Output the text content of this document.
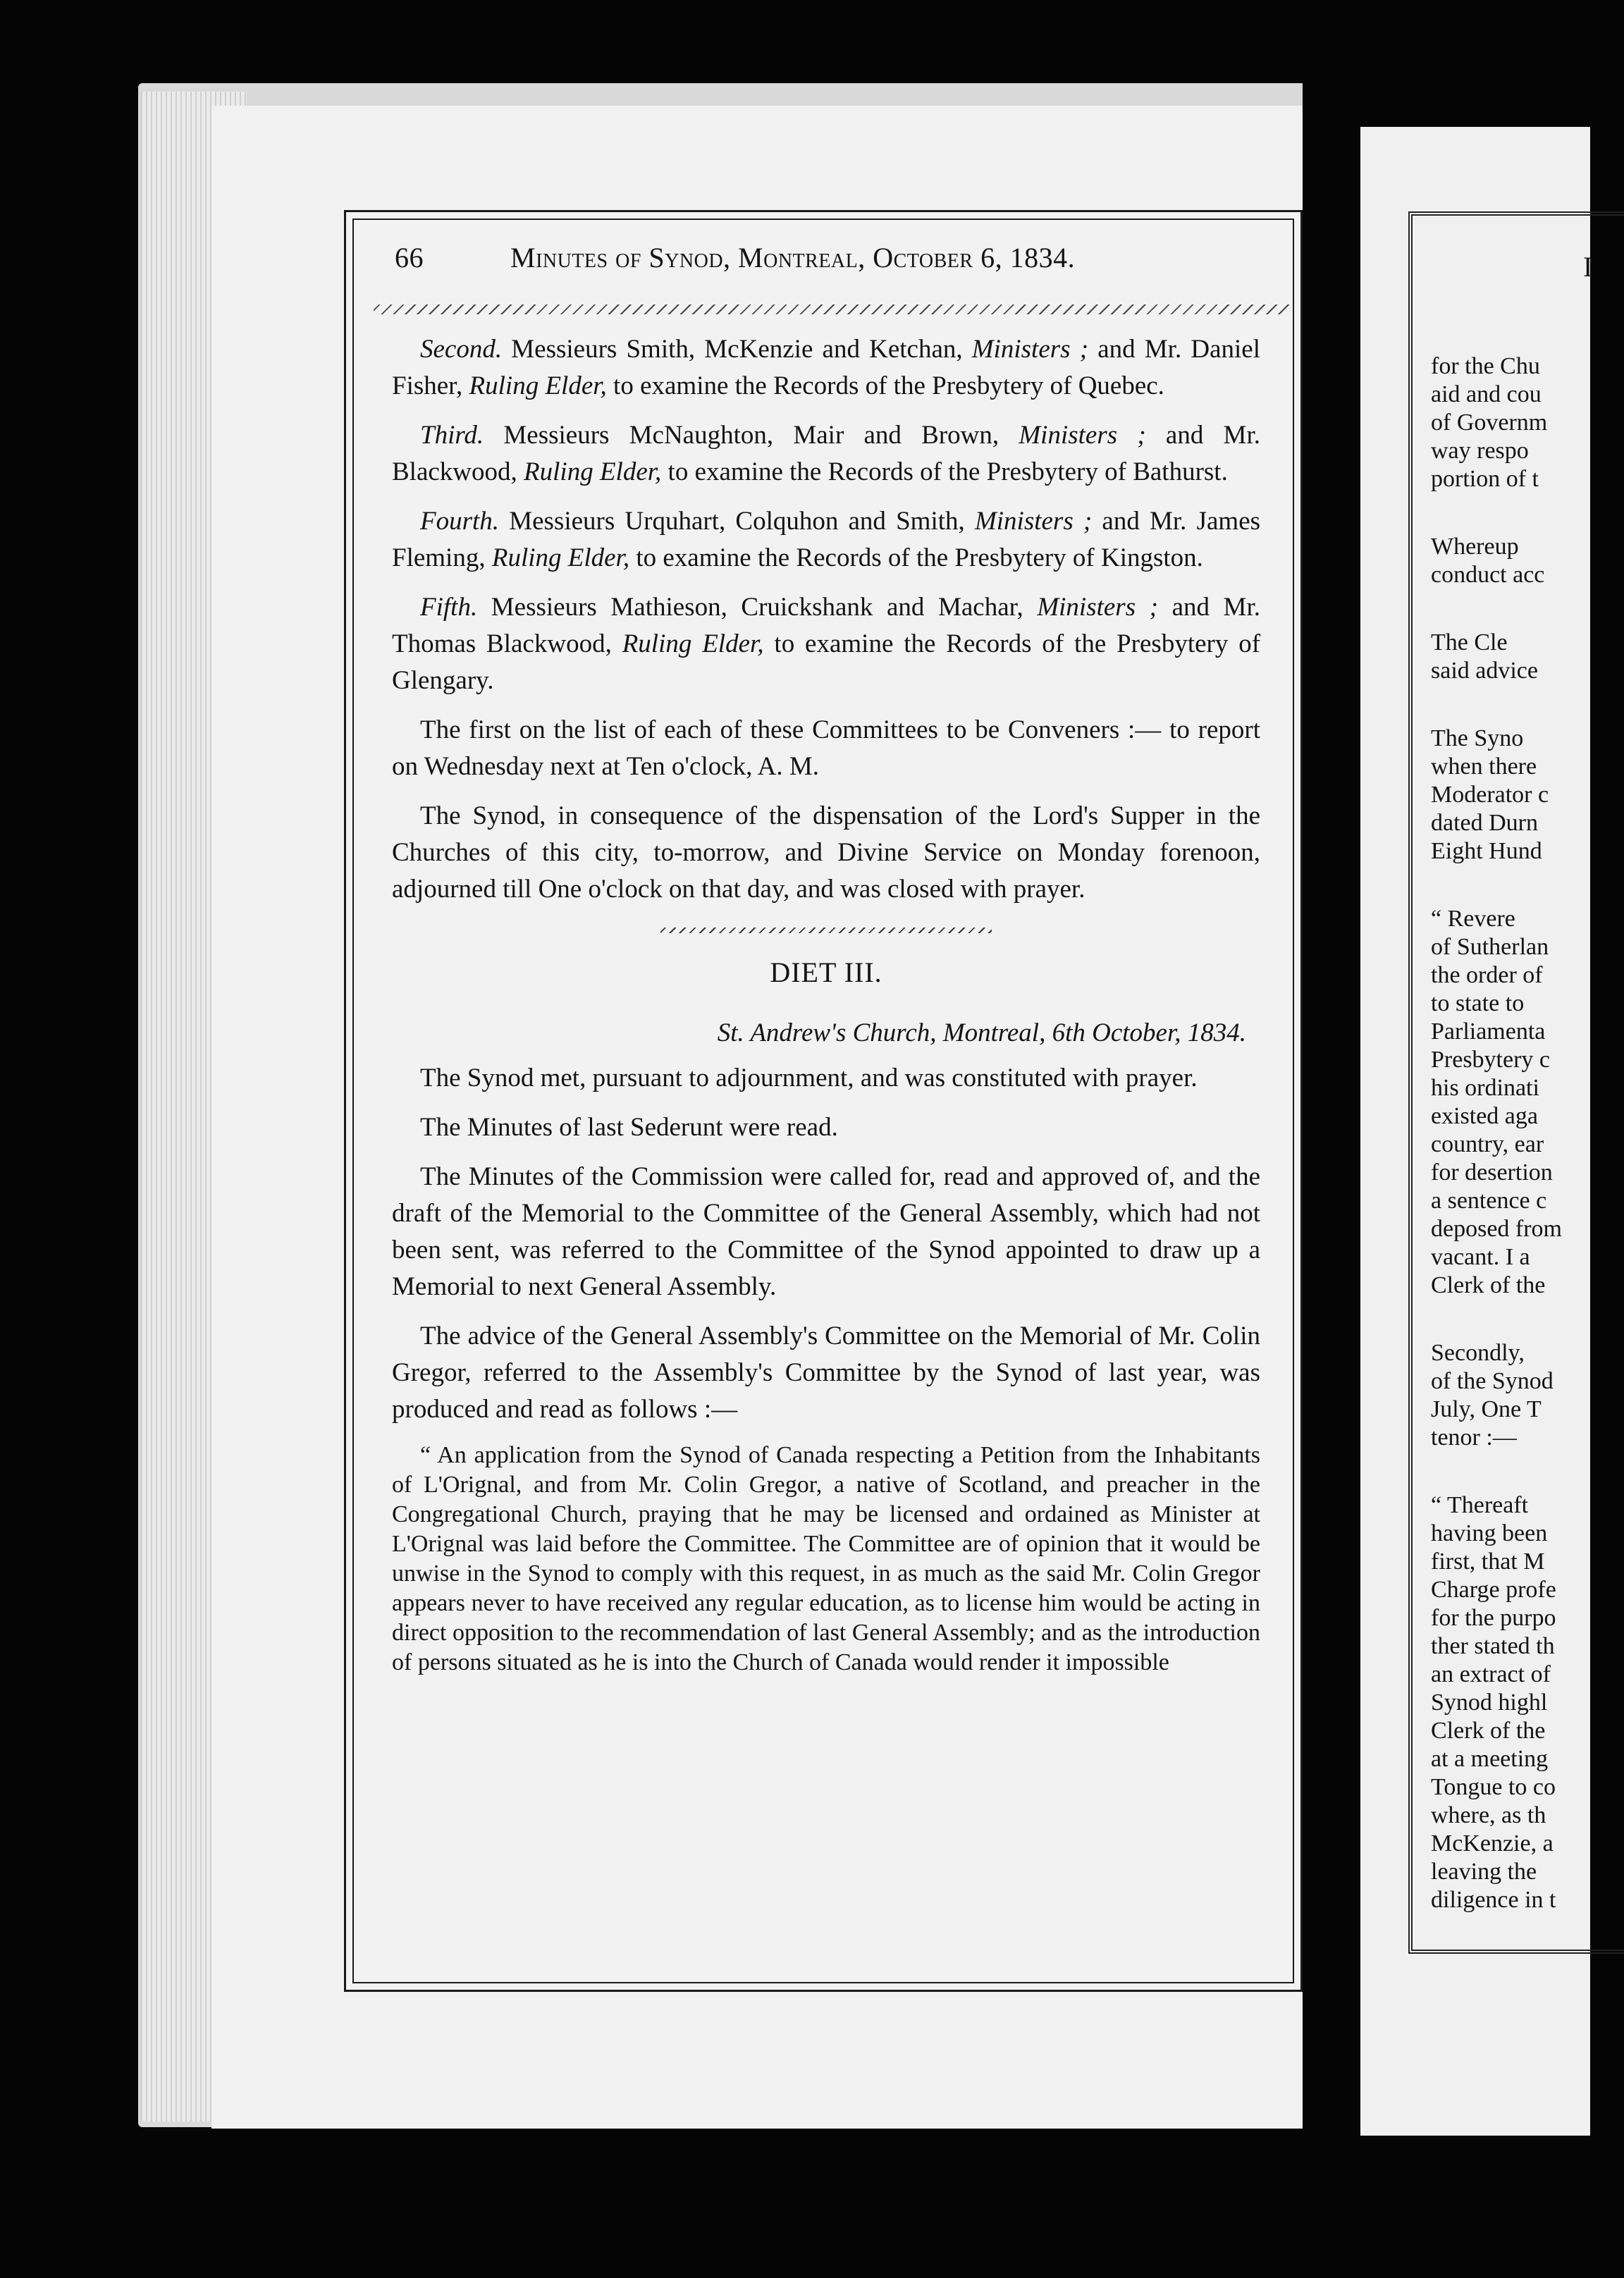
I
66	Minutes of Synod, Montreal, October 6, 1834.

Second. Messieurs Smith, McKenzie and Ketchan, Ministers ; and Mr. Daniel Fisher, Ruling Elder, to examine the Records of the Presbytery of Quebec.

Third. Messieurs McNaughton, Mair and Brown, Ministers ; and Mr. Blackwood, Ruling Elder, to examine the Records of the Presbytery of Bathurst.

Fourth. Messieurs Urquhart, Colquhon and Smith, Ministers ; and Mr. James Fleming, Ruling Elder, to examine the Records of the Presbytery of Kingston.

Fifth. Messieurs Mathieson, Cruickshank and Machar, Ministers ; and Mr. Thomas Blackwood, Ruling Elder, to examine the Records of the Presbytery of Glengary.

The first on the list of each of these Committees to be Conveners :— to report on Wednesday next at Ten o'clock, A. M.

The Synod, in consequence of the dispensation of the Lord's Supper in the Churches of this city, to-morrow, and Divine Service on Monday forenoon, adjourned till One o'clock on that day, and was closed with prayer.

DIET III.
St. Andrew's Church, Montreal, 6th October, 1834.

The Synod met, pursuant to adjournment, and was constituted with prayer.

The Minutes of last Sederunt were read.

The Minutes of the Commission were called for, read and approved of, and the draft of the Memorial to the Committee of the General Assembly, which had not been sent, was referred to the Committee of the Synod appointed to draw up a Memorial to next General Assembly.

The advice of the General Assembly's Committee on the Memorial of Mr. Colin Gregor, referred to the Assembly's Committee by the Synod of last year, was produced and read as follows :—

“ An application from the Synod of Canada respecting a Petition from the Inhabitants of L'Orignal, and from Mr. Colin Gregor, a native of Scotland, and preacher in the Congregational Church, praying that he may be licensed and ordained as Minister at L'Orignal was laid before the Committee. The Committee are of opinion that it would be unwise in the Synod to comply with this request, in as much as the said Mr. Colin Gregor appears never to have received any regular education, as to license him would be acting in direct opposition to the recommendation of last General Assembly; and as the introduction of persons situated as he is into the Church of Canada would render it impossible
for the Chu
aid and cou
of Governm
way respo
portion of t
Whereup
conduct acc
The Cle
said advice
The Syno
when there
Moderator c
dated Durn
Eight Hund
“ Revere
of Sutherlan
the order of
to state to
Parliamenta
Presbytery c
his ordinati
existed aga
country, ear
for desertion
a sentence c
deposed from
vacant. I a
Clerk of the
Secondly,
of the Synod
July, One T
tenor :—
“ Thereaft
having been
first, that M
Charge profe
for the purpo
ther stated th
an extract of
Synod highl
Clerk of the
at a meeting
Tongue to co
where, as th
McKenzie, a
leaving the
diligence in t
